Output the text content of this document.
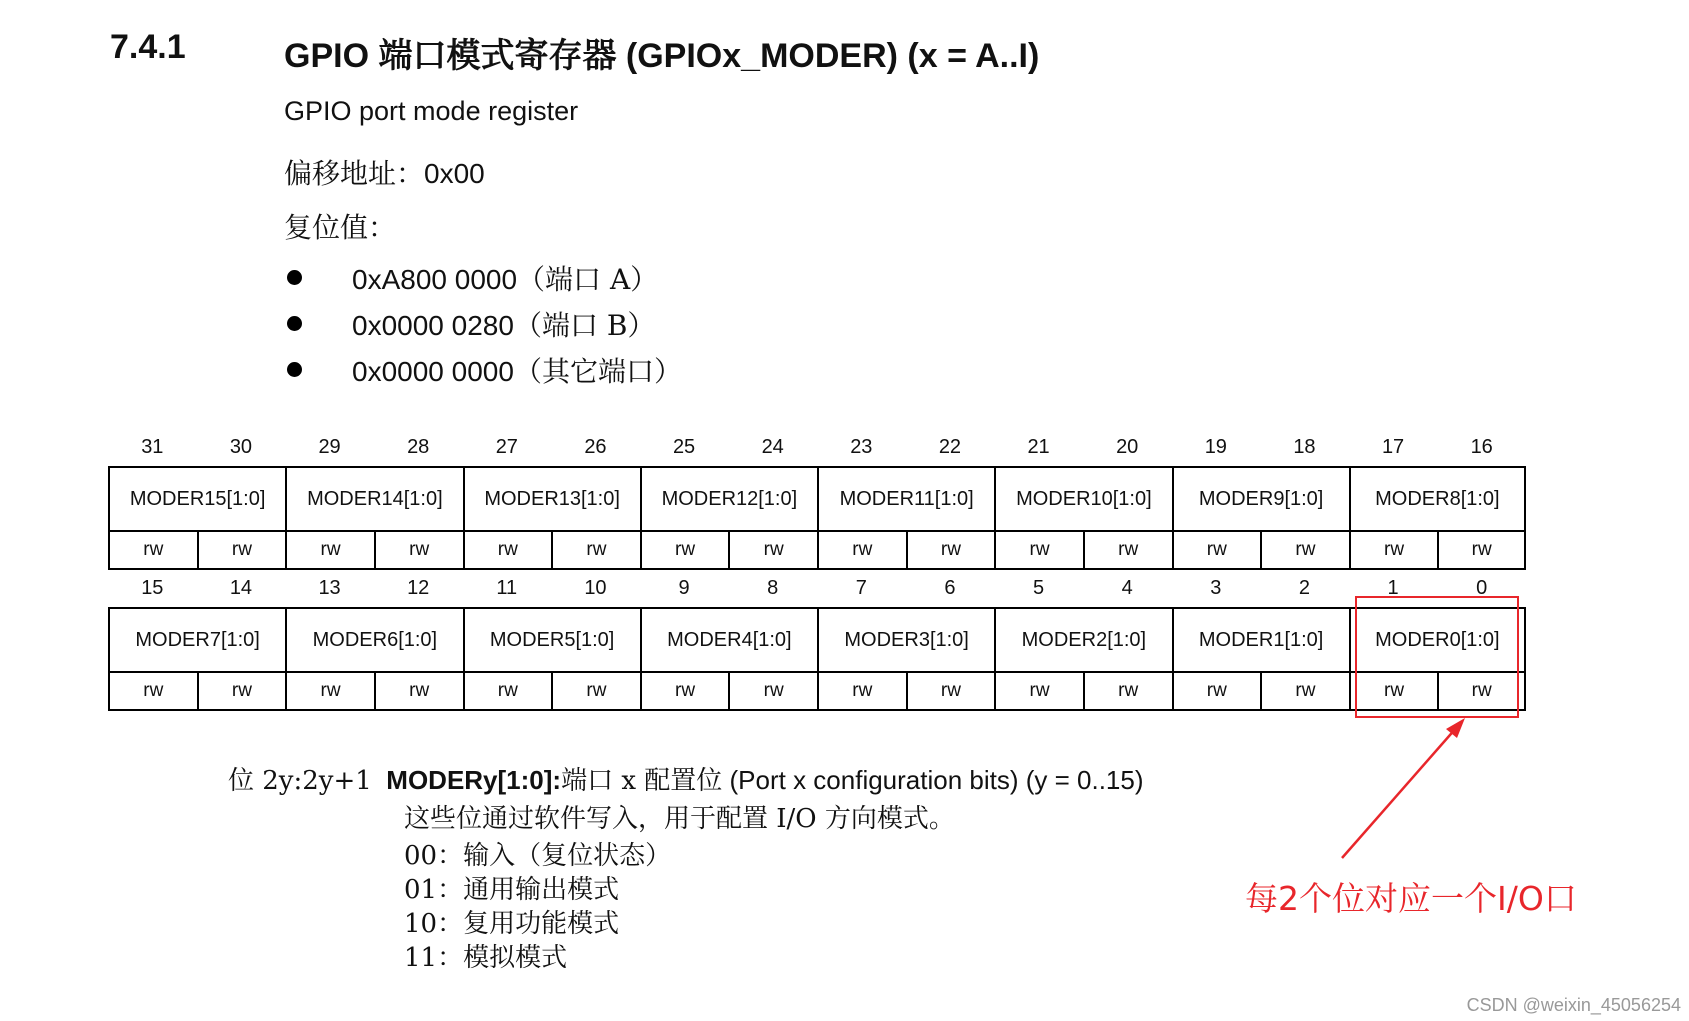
7.4.1	GPIO 端口模式寄存器 (GPIOx_MODER) (x = A..I)
GPIO port mode register
偏移地址：0x00
复位值：
0xA800 0000（端口 A）
0x0000 0280（端口 B）
0x0000 0000（其它端口）
31	30	29	28	27	26	25	24	23	22	21	20	19	18	17	16
MODER15[1:0]	MODER14[1:0]	MODER13[1:0]	MODER12[1:0]	MODER11[1:0]	MODER10[1:0]	MODER9[1:0]	MODER8[1:0]
rw	rw	rw	rw	rw	rw	rw	rw	rw	rw	rw	rw	rw	rw	rw	rw
15	14	13	12	11	10	9	8	7	6	5	4	3	2	1	0
MODER7[1:0]	MODER6[1:0]	MODER5[1:0]	MODER4[1:0]	MODER3[1:0]	MODER2[1:0]	MODER1[1:0]	MODER0[1:0]
rw	rw	rw	rw	rw	rw	rw	rw	rw	rw	rw	rw	rw	rw	rw	rw
位 2y:2y+1 MODERy[1:0]:端口 x 配置位 (Port x configuration bits) (y = 0..15)
这些位通过软件写入，用于配置 I/O 方向模式。
00：输入（复位状态）
01：通用输出模式
10：复用功能模式
11：模拟模式
每2个位对应一个I/O口
CSDN @weixin_45056254
